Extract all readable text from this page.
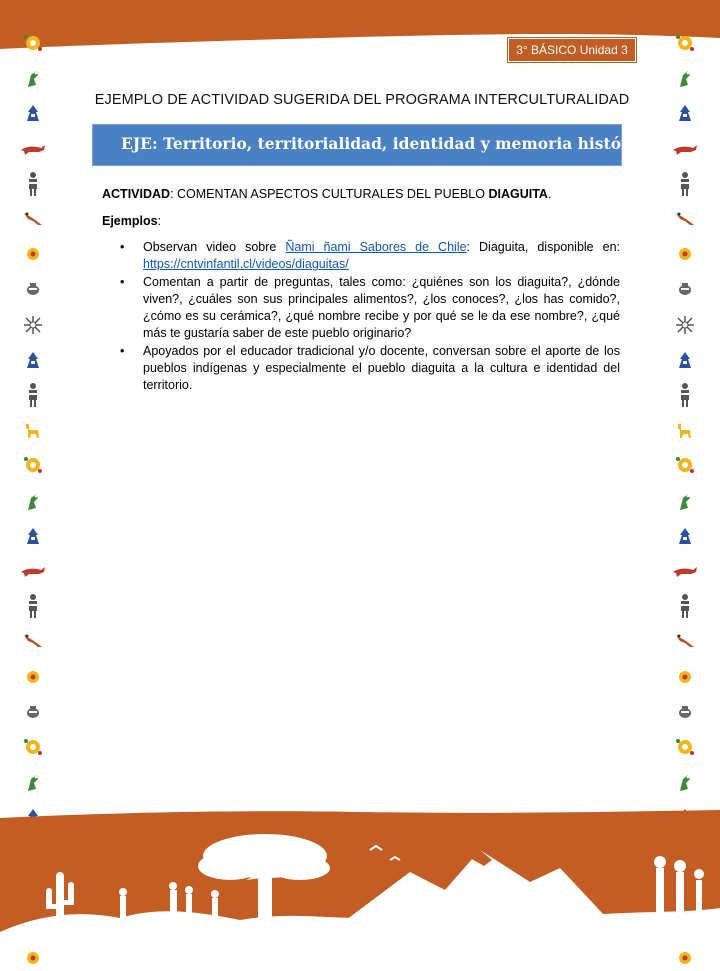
3° BÁSICO Unidad 3
EJEMPLO DE ACTIVIDAD SUGERIDA DEL PROGRAMA INTERCULTURALIDAD
EJE: Territorio, territorialidad, identidad y memoria histórica.
ACTIVIDAD: COMENTAN ASPECTOS CULTURALES DEL PUEBLO DIAGUITA.
Ejemplos:
• Observan video sobre Ñami ñami Sabores de Chile: Diaguita, disponible en: https://cntvinfantil.cl/videos/diaguitas/
• Comentan a partir de preguntas, tales como: ¿quiénes son los diaguita?, ¿dónde viven?, ¿cuáles son sus principales alimentos?, ¿los conoces?, ¿los has comido?, ¿cómo es su cerámica?, ¿qué nombre recibe y por qué se le da ese nombre?, ¿qué más te gustaría saber de este pueblo originario?
• Apoyados por el educador tradicional y/o docente, conversan sobre el aporte de los pueblos indígenas y especialmente el pueblo diaguita a la cultura e identidad del territorio.
